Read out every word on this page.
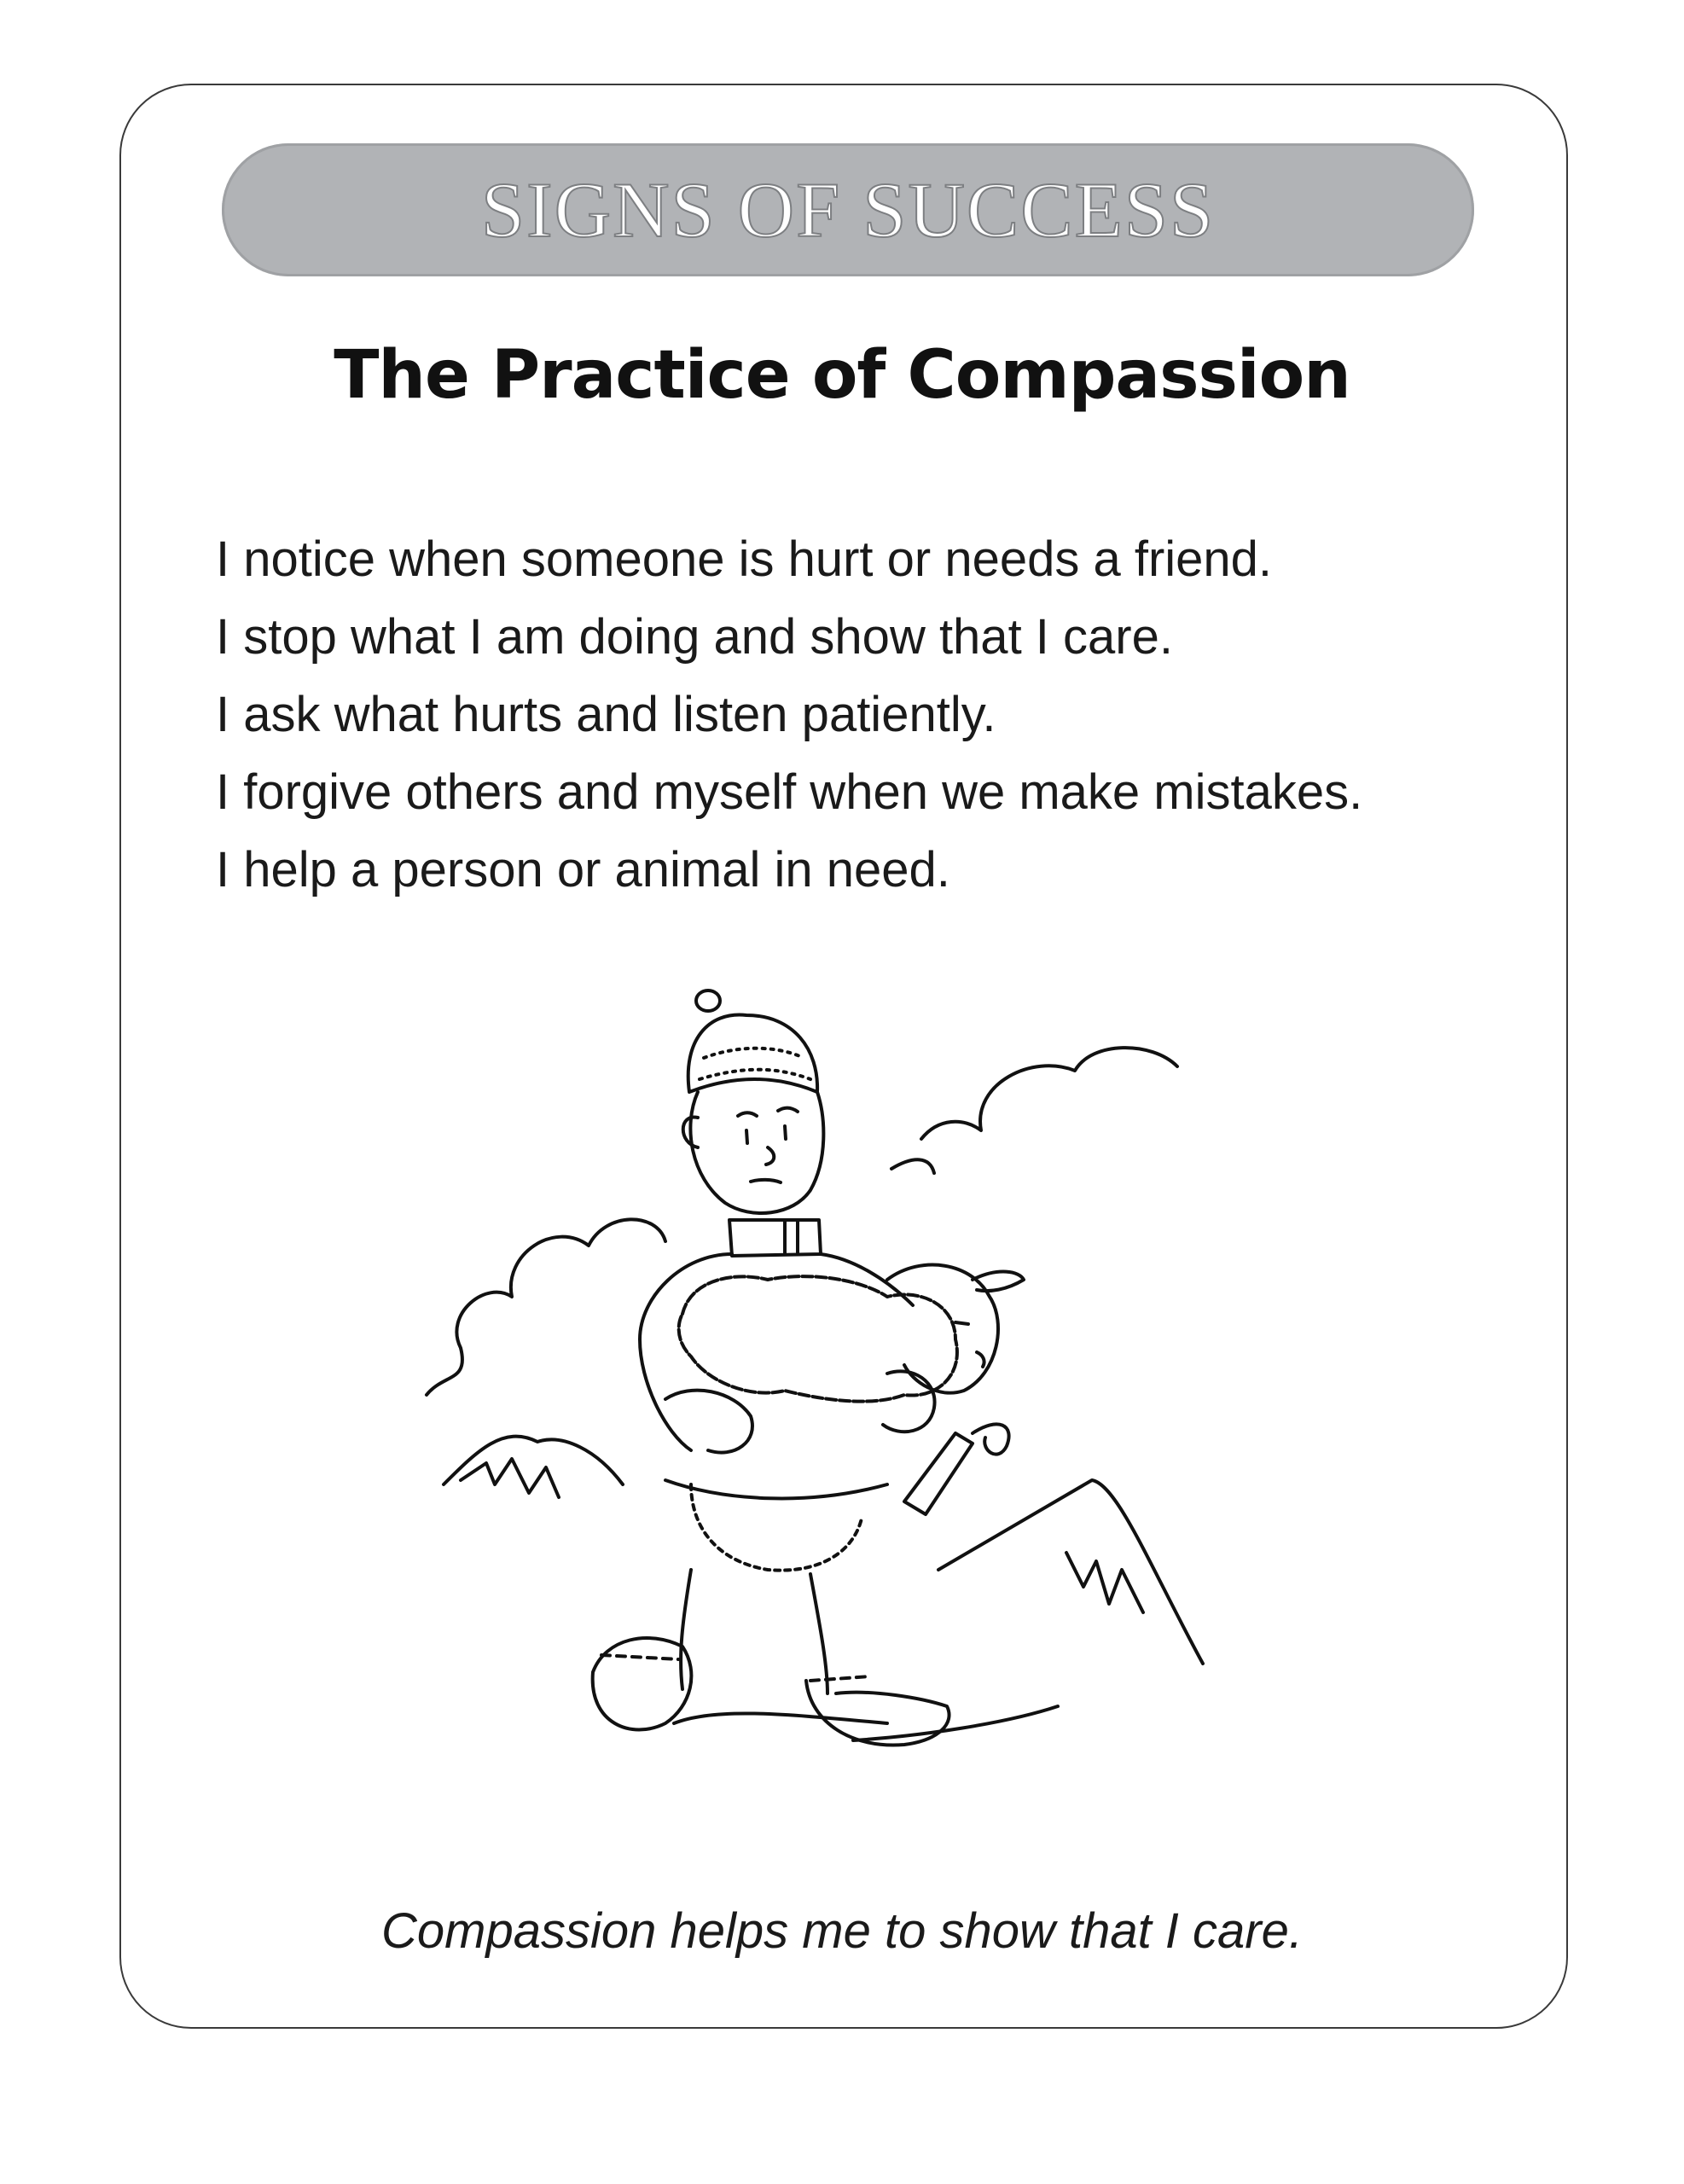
SIGNS OF SUCCESS
The Practice of Compassion
I notice when someone is hurt or needs a friend.
I stop what I am doing and show that I care.
I ask what hurts and listen patiently.
I forgive others and myself when we make mistakes.
I help a person or animal in need.
Compassion helps me to show that I care.
